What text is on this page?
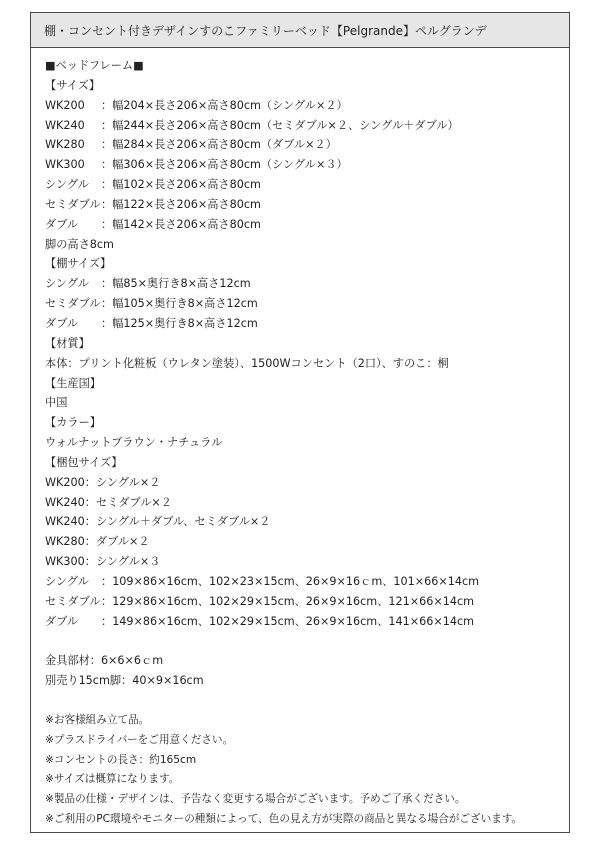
棚・コンセント付きデザインすのこファミリーベッド【Pelgrande】ペルグランデ
■ベッドフレーム■
【サイズ】
WK200	：幅204×長さ206×高さ80cm（シングル×２）
WK240	：幅244×長さ206×高さ80cm（セミダブル×２、シングル＋ダブル）
WK280	：幅284×長さ206×高さ80cm（ダブル×２）
WK300	：幅306×長さ206×高さ80cm（シングル×３）
シングル	：幅102×長さ206×高さ80cm
セミダブル ：幅122×長さ206×高さ80cm
ダブル	：幅142×長さ206×高さ80cm
脚の高さ8cm
【棚サイズ】
シングル	：幅85×奥行き8×高さ12cm
セミダブル ：幅105×奥行き8×高さ12cm
ダブル	：幅125×奥行き8×高さ12cm
【材質】
本体：プリント化粧板（ウレタン塗装）、1500Wコンセント（2口）、すのこ：桐
【生産国】
中国
【カラー】
ウォルナットブラウン・ナチュラル
【梱包サイズ】
WK200：シングル×２
WK240：セミダブル×２
WK240：シングル＋ダブル、セミダブル×２
WK280：ダブル×２
WK300：シングル×３
シングル	：109×86×16cm、102×23×15cm、26×9×16ｃm、101×66×14cm
セミダブル ：129×86×16cm、102×29×15cm、26×9×16cm、121×66×14cm
ダブル	：149×86×16cm、102×29×15cm、26×9×16cm、141×66×14cm
金具部材：6×6×6ｃm
別売り15cm脚：40×9×16cm
※お客様組み立て品。
※プラスドライバーをご用意ください。
※コンセントの長さ：約165cm
※サイズは概算になります。
※製品の仕様・デザインは、予告なく変更する場合がございます。予めご了承ください。
※ご利用のPC環境やモニターの種類によって、色の見え方が実際の商品と異なる場合がございます。
